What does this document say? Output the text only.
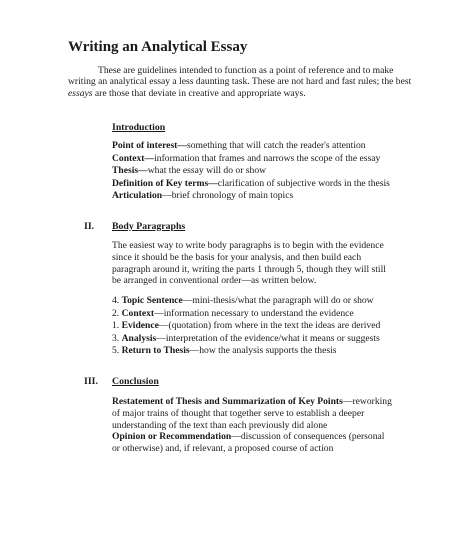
Writing an Analytical Essay

These are guidelines intended to function as a point of reference and to make writing an analytical essay a less daunting task. These are not hard and fast rules; the best essays are those that deviate in creative and appropriate ways.

Introduction
Point of interest—something that will catch the reader's attention
Context—information that frames and narrows the scope of the essay
Thesis—what the essay will do or show
Definition of Key terms—clarification of subjective words in the thesis
Articulation—brief chronology of main topics
II. Body Paragraphs
The easiest way to write body paragraphs is to begin with the evidence
since it should be the basis for your analysis, and then build each
paragraph around it, writing the parts 1 through 5, though they will still
be arranged in conventional order—as written below.
4. Topic Sentence—mini-thesis/what the paragraph will do or show
2. Context—information necessary to understand the evidence
1. Evidence—(quotation) from where in the text the ideas are derived
3. Analysis—interpretation of the evidence/what it means or suggests
5. Return to Thesis—how the analysis supports the thesis
III. Conclusion
Restatement of Thesis and Summarization of Key Points—reworking
of major trains of thought that together serve to establish a deeper
understanding of the text than each previously did alone
Opinion or Recommendation—discussion of consequences (personal
or otherwise) and, if relevant, a proposed course of action
